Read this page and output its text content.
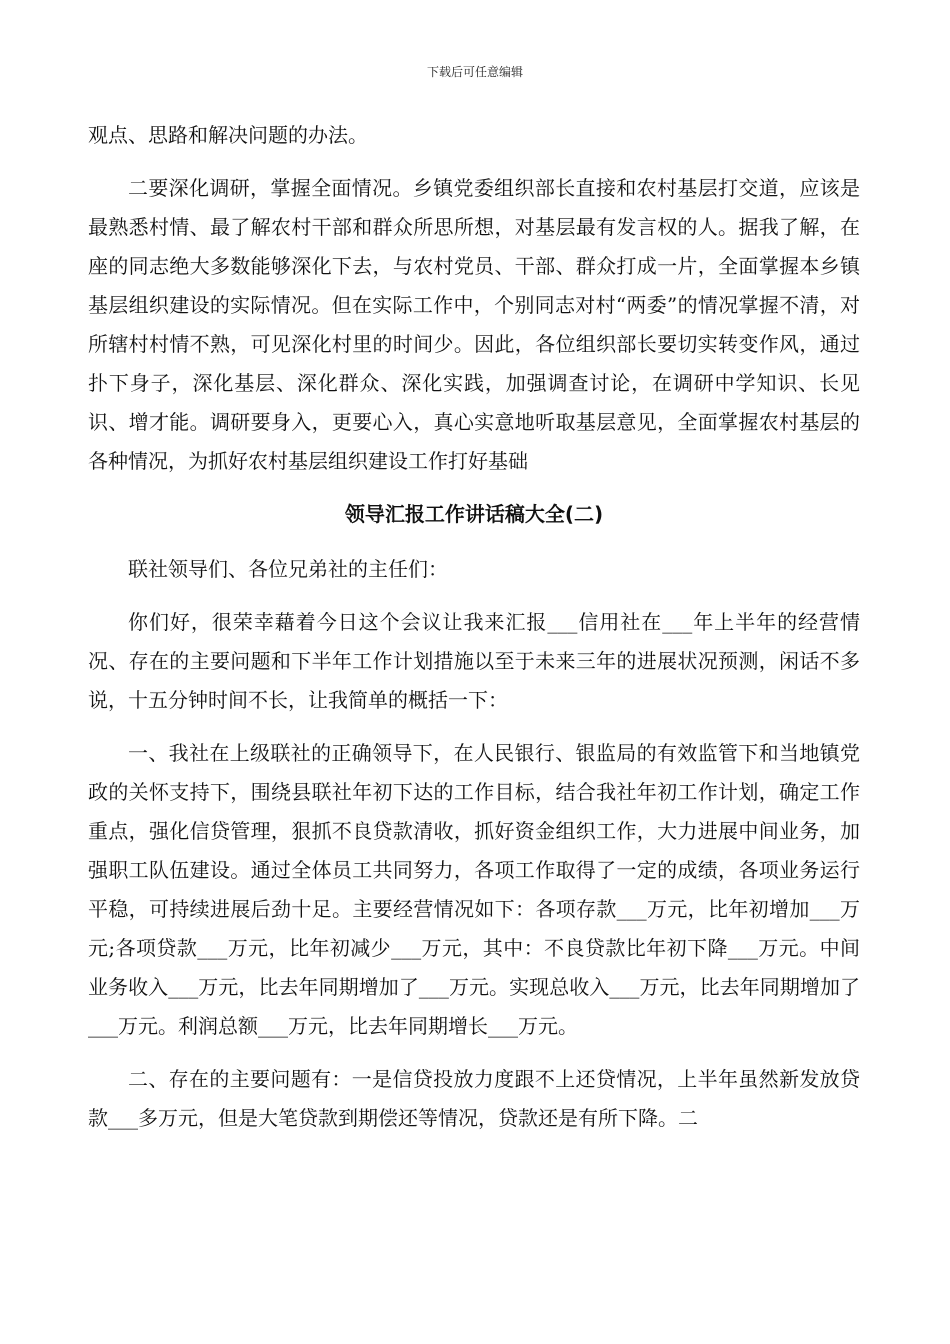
下载后可任意编辑

观点、思路和解决问题的办法。

二要深化调研，掌握全面情况。乡镇党委组织部长直接和农村基层打交道，应该是最熟悉村情、最了解农村干部和群众所思所想，对基层最有发言权的人。据我了解，在座的同志绝大多数能够深化下去，与农村党员、干部、群众打成一片，全面掌握本乡镇基层组织建设的实际情况。但在实际工作中，个别同志对村“两委”的情况掌握不清，对所辖村村情不熟，可见深化村里的时间少。因此，各位组织部长要切实转变作风，通过扑下身子，深化基层、深化群众、深化实践，加强调查讨论，在调研中学知识、长见识、增才能。调研要身入，更要心入，真心实意地听取基层意见，全面掌握农村基层的各种情况，为抓好农村基层组织建设工作打好基础

领导汇报工作讲话稿大全(二)

联社领导们、各位兄弟社的主任们：

你们好，很荣幸藉着今日这个会议让我来汇报___信用社在___年上半年的经营情况、存在的主要问题和下半年工作计划措施以至于未来三年的进展状况预测，闲话不多说，十五分钟时间不长，让我简单的概括一下：

一、我社在上级联社的正确领导下，在人民银行、银监局的有效监管下和当地镇党政的关怀支持下，围绕县联社年初下达的工作目标，结合我社年初工作计划，确定工作重点，强化信贷管理，狠抓不良贷款清收，抓好资金组织工作，大力进展中间业务，加强职工队伍建设。通过全体员工共同努力，各项工作取得了一定的成绩，各项业务运行平稳，可持续进展后劲十足。主要经营情况如下：各项存款___万元，比年初增加___万元;各项贷款___万元，比年初减少___万元，其中：不良贷款比年初下降___万元。中间业务收入___万元，比去年同期增加了___万元。实现总收入___万元，比去年同期增加了___万元。利润总额___万元，比去年同期增长___万元。

二、存在的主要问题有：一是信贷投放力度跟不上还贷情况，上半年虽然新发放贷款___多万元，但是大笔贷款到期偿还等情况，贷款还是有所下降。二
